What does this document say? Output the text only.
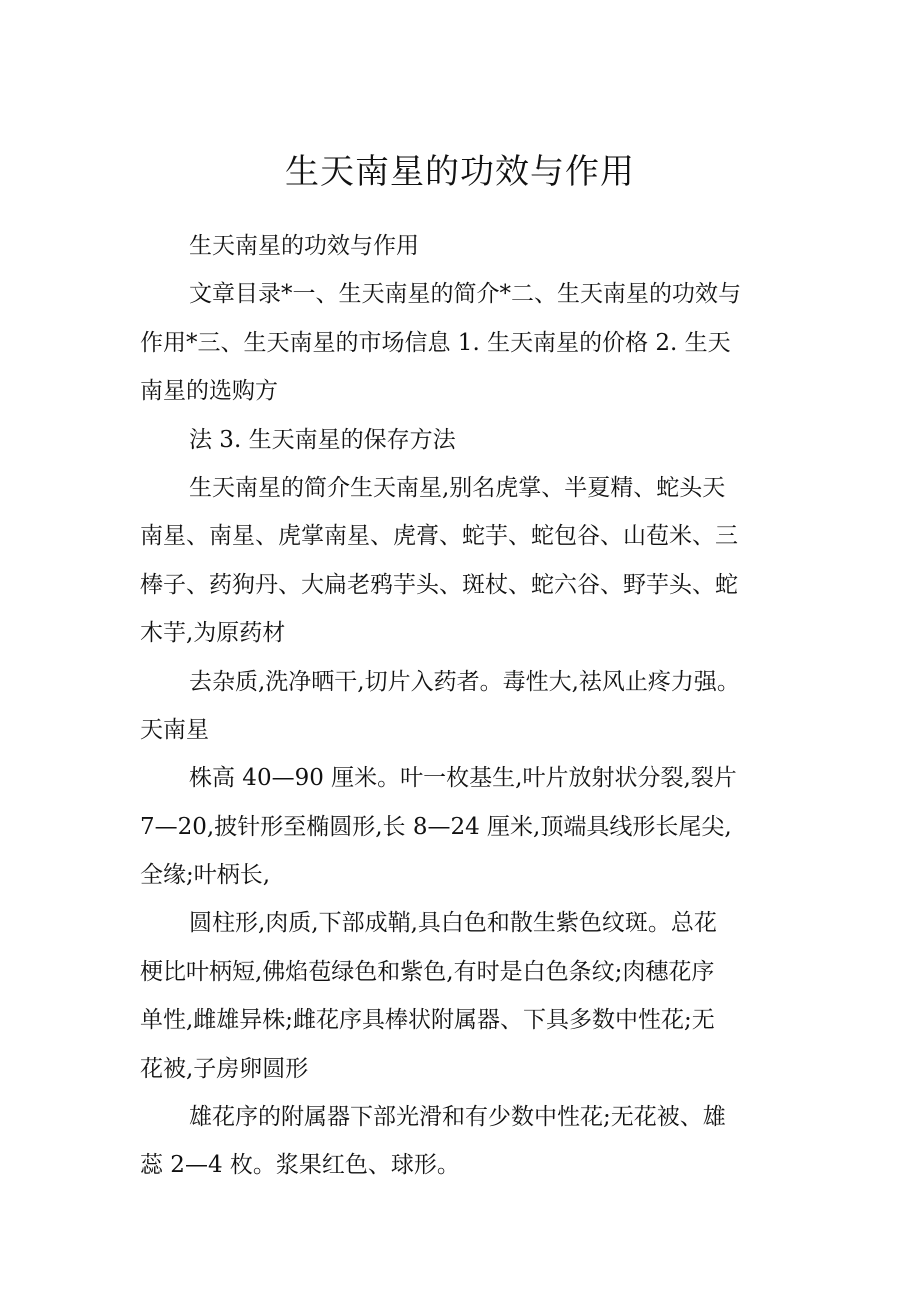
生天南星的功效与作用
生天南星的功效与作用
文章目录*一、生天南星的简介*二、生天南星的功效与
作用*三、生天南星的市场信息 1. 生天南星的价格 2. 生天
南星的选购方
法 3. 生天南星的保存方法
生天南星的简介生天南星,别名虎掌、半夏精、蛇头天
南星、南星、虎掌南星、虎膏、蛇芋、蛇包谷、山苞米、三
棒子、药狗丹、大扁老鸦芋头、斑杖、蛇六谷、野芋头、蛇
木芋,为原药材
去杂质,洗净晒干,切片入药者。毒性大,祛风止疼力强。
天南星
株高 40—90 厘米。叶一枚基生,叶片放射状分裂,裂片
7—20,披针形至椭圆形,长 8—24 厘米,顶端具线形长尾尖,
全缘;叶柄长,
圆柱形,肉质,下部成鞘,具白色和散生紫色纹斑。总花
梗比叶柄短,佛焰苞绿色和紫色,有时是白色条纹;肉穗花序
单性,雌雄异株;雌花序具棒状附属器、下具多数中性花;无
花被,子房卵圆形
雄花序的附属器下部光滑和有少数中性花;无花被、雄
蕊 2—4 枚。浆果红色、球形。
